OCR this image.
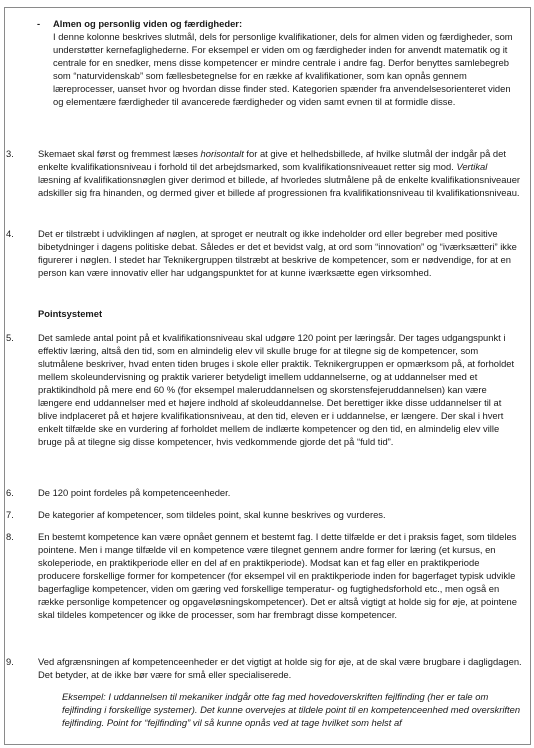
- Almen og personlig viden og færdigheder:

I denne kolonne beskrives slutmål, dels for personlige kvalifikationer, dels for almen viden og færdigheder, som understøtter kernefaglighederne. For eksempel er viden om og færdigheder inden for anvendt matematik og it centrale for en snedker, mens disse kompetencer er mindre centrale i andre fag. Derfor benyttes samlebegreb som “naturvidenskab” som fællesbetegnelse for en række af kvalifikationer, som kan opnås gennem læreprocesser, uanset hvor og hvordan disse finder sted. Kategorien spænder fra anvendelsesorienteret viden og elementære færdigheder til avancerede færdigheder og viden samt evnen til at formidle disse.

3.	Skemaet skal først og fremmest læses horisontalt for at give et helhedsbillede, af hvilke slutmål der indgår på det enkelte kvalifikationsniveau i forhold til det arbejdsmarked, som kvalifikationsniveauet retter sig mod. Vertikal læsning af kvalifikationsnøglen giver derimod et billede, af hvorledes slutmålene på de enkelte kvalifikationsniveauer adskiller sig fra hinanden, og dermed giver et billede af progressionen fra kvalifikationsniveau til kvalifikationsniveau.

4.	Det er tilstræbt i udviklingen af nøglen, at sproget er neutralt og ikke indeholder ord eller begreber med positive bibetydninger i dagens politiske debat. Således er det et bevidst valg, at ord som “innovation” og “iværksætteri” ikke figurerer i nøglen. I stedet har Teknikergruppen tilstræbt at beskrive de kompetencer, som er nødvendige, for at en person kan være innovativ eller har udgangspunktet for at kunne iværksætte egen virksomhed.

Pointsystemet
5.	Det samlede antal point på et kvalifikationsniveau skal udgøre 120 point per læringsår. Der tages udgangspunkt i effektiv læring, altså den tid, som en almindelig elev vil skulle bruge for at tilegne sig de kompetencer, som slutmålene beskriver, hvad enten tiden bruges i skole eller praktik. Teknikergruppen er opmærksom på, at forholdet mellem skoleundervisning og praktik varierer betydeligt imellem uddannelserne, og at uddannelser med et praktikindhold på mere end 60 % (for eksempel maleruddannelsen og skorstensfejeruddannelsen) kan være længere end uddannelser med et højere indhold af skoleuddannelse. Det berettiger ikke disse uddannelser til at blive indplaceret på et højere kvalifikationsniveau, at den tid, eleven er i uddannelse, er længere. Der skal i hvert enkelt tilfælde ske en vurdering af forholdet mellem de indlærte kompetencer og den tid, en almindelig elev ville bruge på at tilegne sig disse kompetencer, hvis vedkommende gjorde det på “fuld tid”.

6.	De 120 point fordeles på kompetenceenheder.

7.	De kategorier af kompetencer, som tildeles point, skal kunne beskrives og vurderes.

8.	En bestemt kompetence kan være opnået gennem et bestemt fag. I dette tilfælde er det i praksis faget, som tildeles pointene. Men i mange tilfælde vil en kompetence være tilegnet gennem andre former for læring (et kursus, en skoleperiode, en praktikperiode eller en del af en praktikperiode). Modsat kan et fag eller en praktikperiode producere forskellige former for kompetencer (for eksempel vil en praktikperiode inden for bagerfaget typisk udvikle bagerfaglige kompetencer, viden om gæring ved forskellige temperatur- og fugtighedsforhold etc., men også en række personlige kompetencer og opgaveløsningskompetencer). Det er altså vigtigt at holde sig for øje, at pointene skal tildeles kompetencer og ikke de processer, som har frembragt disse kompetencer.

9.	Ved afgrænsningen af kompetenceenheder er det vigtigt at holde sig for øje, at de skal være brugbare i dagligdagen. Det betyder, at de ikke bør være for små eller specialiserede.

Eksempel: I uddannelsen til mekaniker indgår otte fag med hovedoverskriften fejlfinding (her er tale om fejlfinding i forskellige systemer). Det kunne overvejes at tildele point til en kompetenceenhed med overskriften fejlfinding. Point for “fejlfinding” vil så kunne opnås ved at tage hvilket som helst af
